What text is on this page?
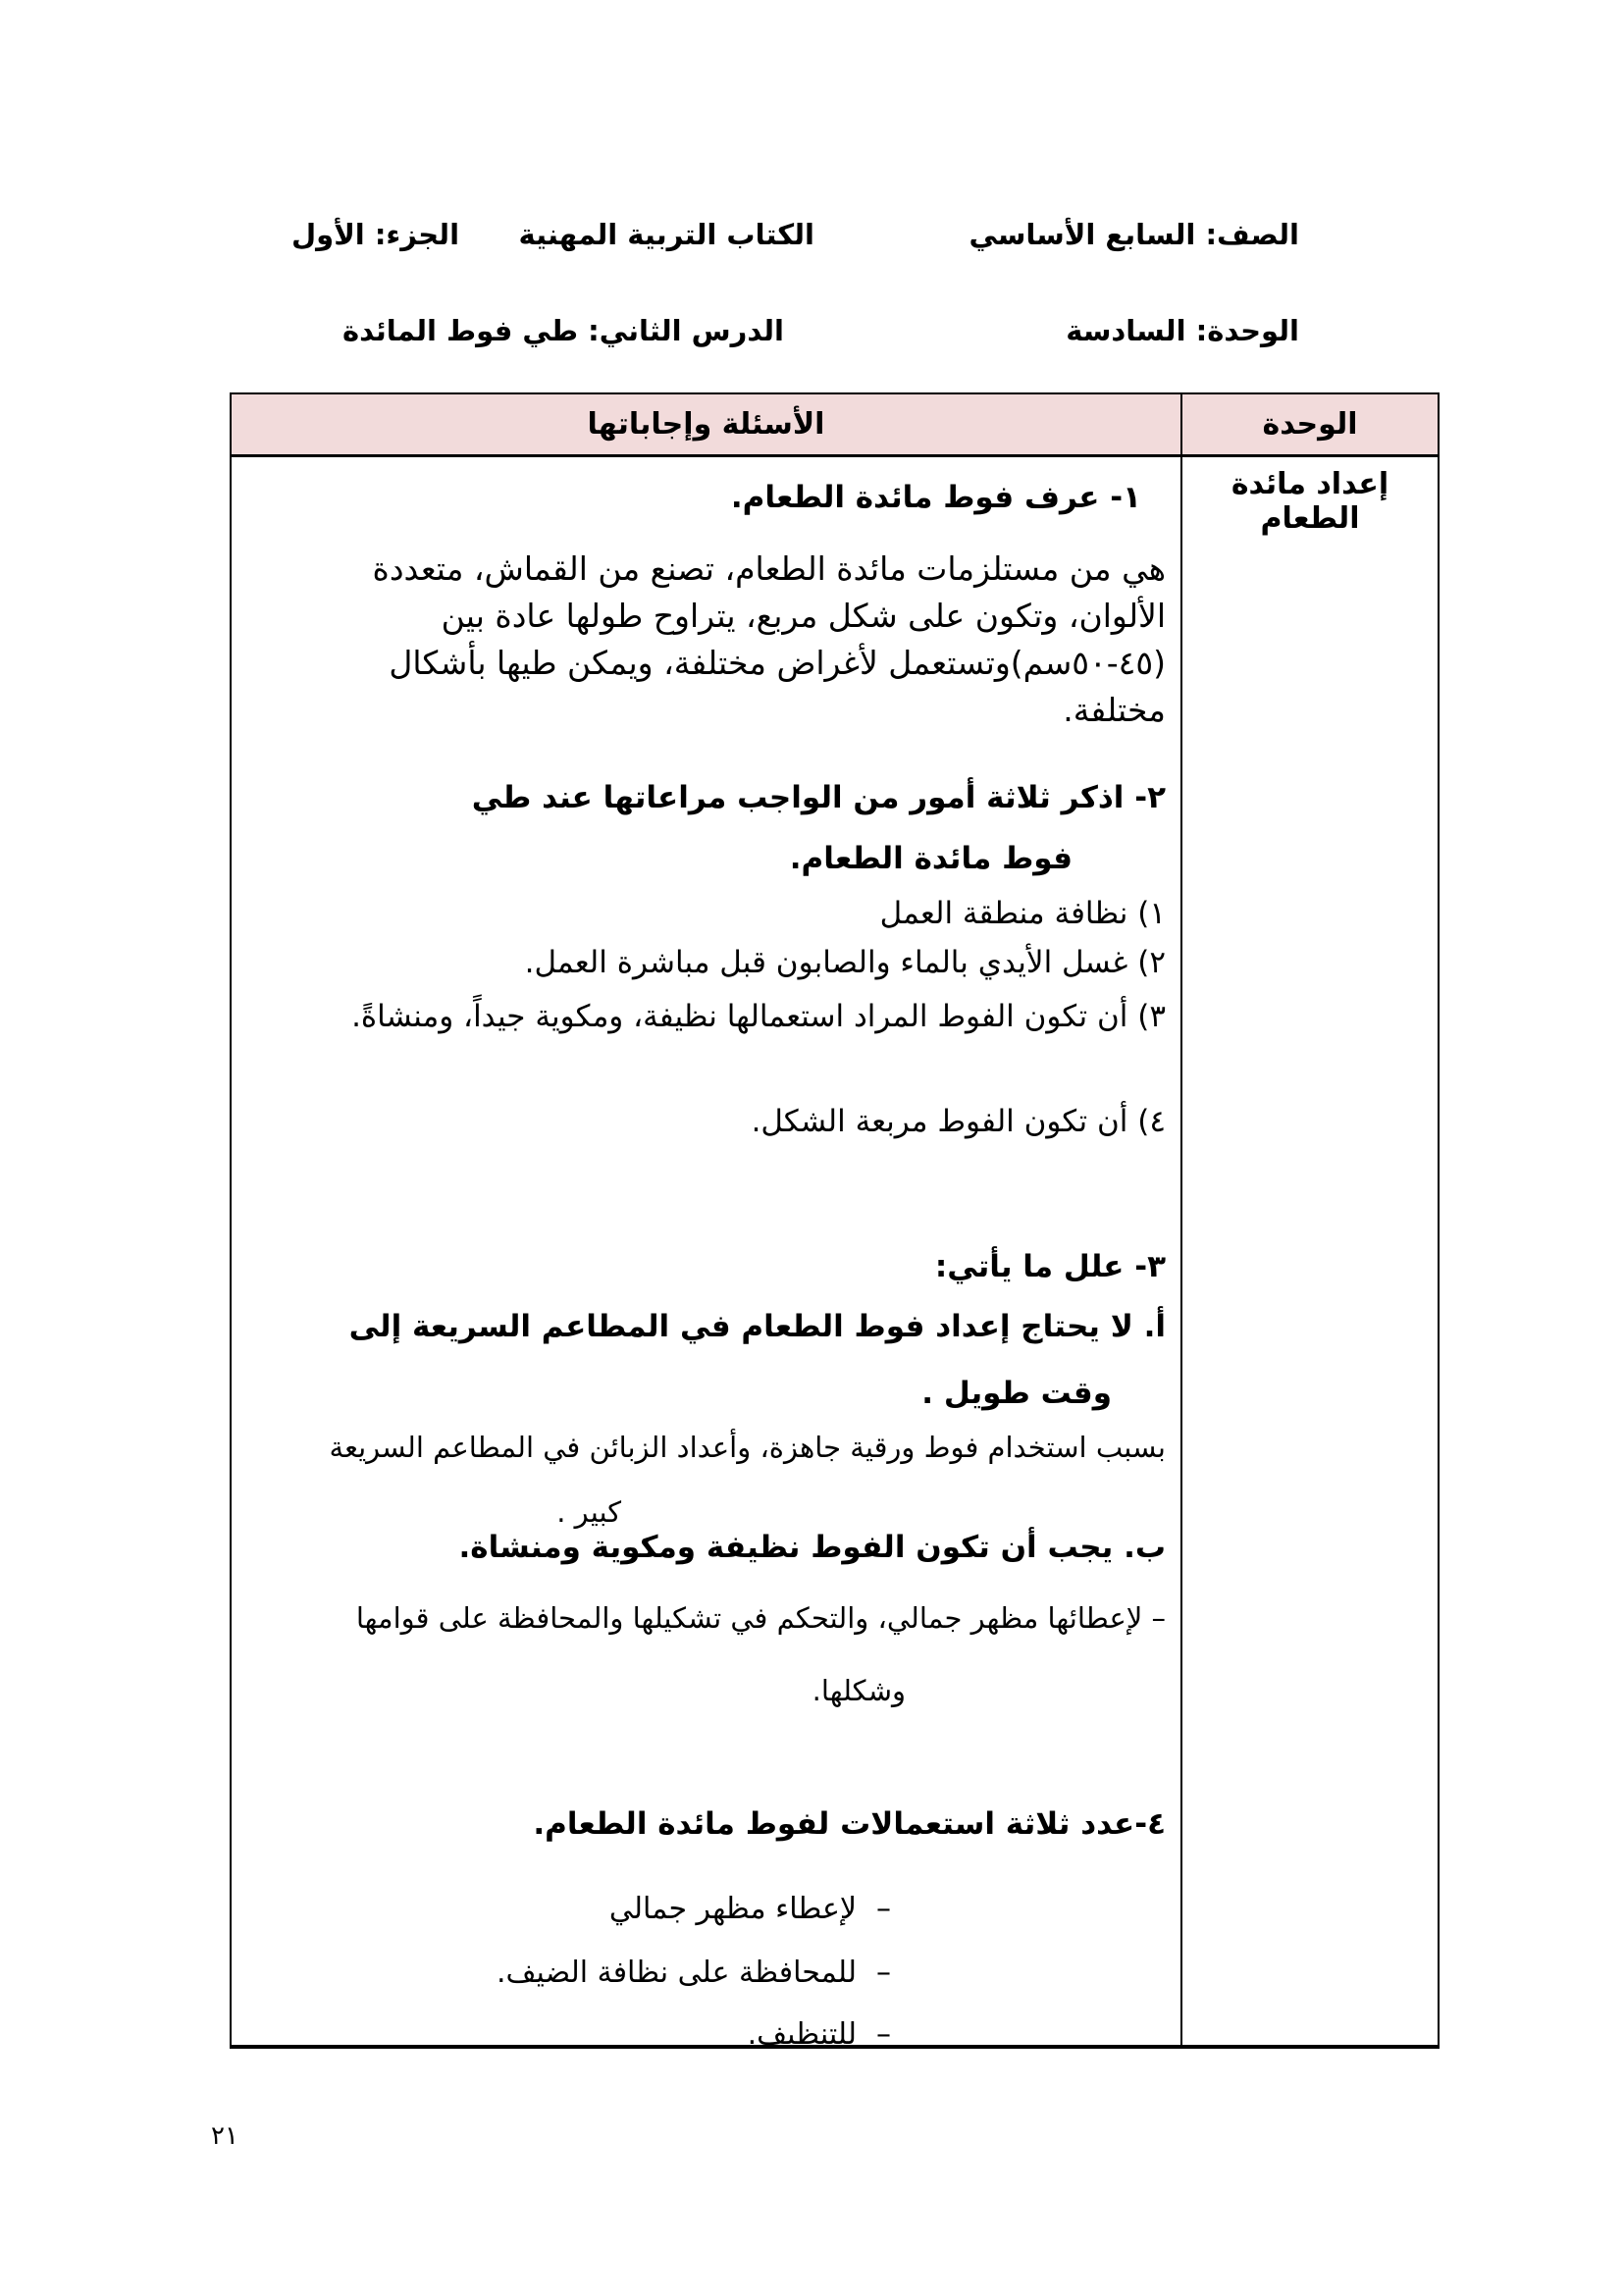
الصف: السابع الأساسي
الكتاب التربية المهنية
الجزء: الأول
الوحدة: السادسة
الدرس الثاني: طي فوط المائدة
الوحدة
الأسئلة وإجاباتها
إعداد مائدة الطعام
١- عرف فوط مائدة الطعام.
هي من مستلزمات مائدة الطعام، تصنع من القماش، متعددة الألوان، وتكون على شكل مربع، يتراوح طولها عادة بين (٤٥-٥٠سم)وتستعمل لأغراض مختلفة، ويمكن طيها بأشكال مختلفة.
٢- اذكر ثلاثة أمور من الواجب مراعاتها عند طي فوط مائدة الطعام.
١) نظافة منطقة العمل
٢) غسل الأيدي بالماء والصابون قبل مباشرة العمل.
٣) أن تكون الفوط المراد استعمالها نظيفة، ومكوية جيداً، ومنشاةً.
٤) أن تكون الفوط مربعة الشكل.
٣- علل ما يأتي:
أ. لا يحتاج إعداد فوط الطعام في المطاعم السريعة إلى وقت طويل .
بسبب استخدام فوط ورقية جاهزة، وأعداد الزبائن في المطاعم السريعة كبير .
ب. يجب أن تكون الفوط نظيفة ومكوية ومنشاة.
– لإعطائها مظهر جمالي، والتحكم في تشكيلها والمحافظة على قوامها وشكلها.
٤-عدد ثلاثة استعمالات لفوط مائدة الطعام.
–
لإعطاء مظهر جمالي
–
للمحافظة على نظافة الضيف.
–
للتنظيف.
٢١
